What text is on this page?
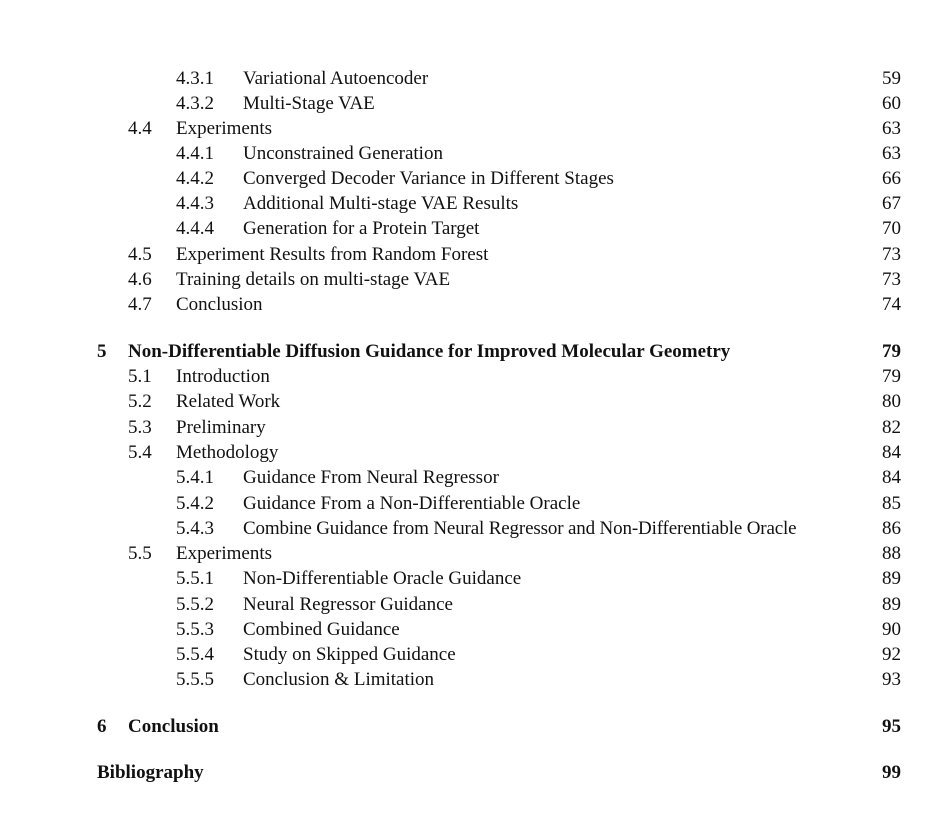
4.3.1 Variational Autoencoder	59
4.3.2 Multi-Stage VAE	60
4.4 Experiments	63
4.4.1 Unconstrained Generation	63
4.4.2 Converged Decoder Variance in Different Stages	66
4.4.3 Additional Multi-stage VAE Results	67
4.4.4 Generation for a Protein Target	70
4.5 Experiment Results from Random Forest	73
4.6 Training details on multi-stage VAE	73
4.7 Conclusion	74
5 Non-Differentiable Diffusion Guidance for Improved Molecular Geometry	79
5.1 Introduction	79
5.2 Related Work	80
5.3 Preliminary	82
5.4 Methodology	84
5.4.1 Guidance From Neural Regressor	84
5.4.2 Guidance From a Non-Differentiable Oracle	85
5.4.3 Combine Guidance from Neural Regressor and Non-Differentiable Oracle	86
5.5 Experiments	88
5.5.1 Non-Differentiable Oracle Guidance	89
5.5.2 Neural Regressor Guidance	89
5.5.3 Combined Guidance	90
5.5.4 Study on Skipped Guidance	92
5.5.5 Conclusion & Limitation	93
6 Conclusion	95
Bibliography	99
